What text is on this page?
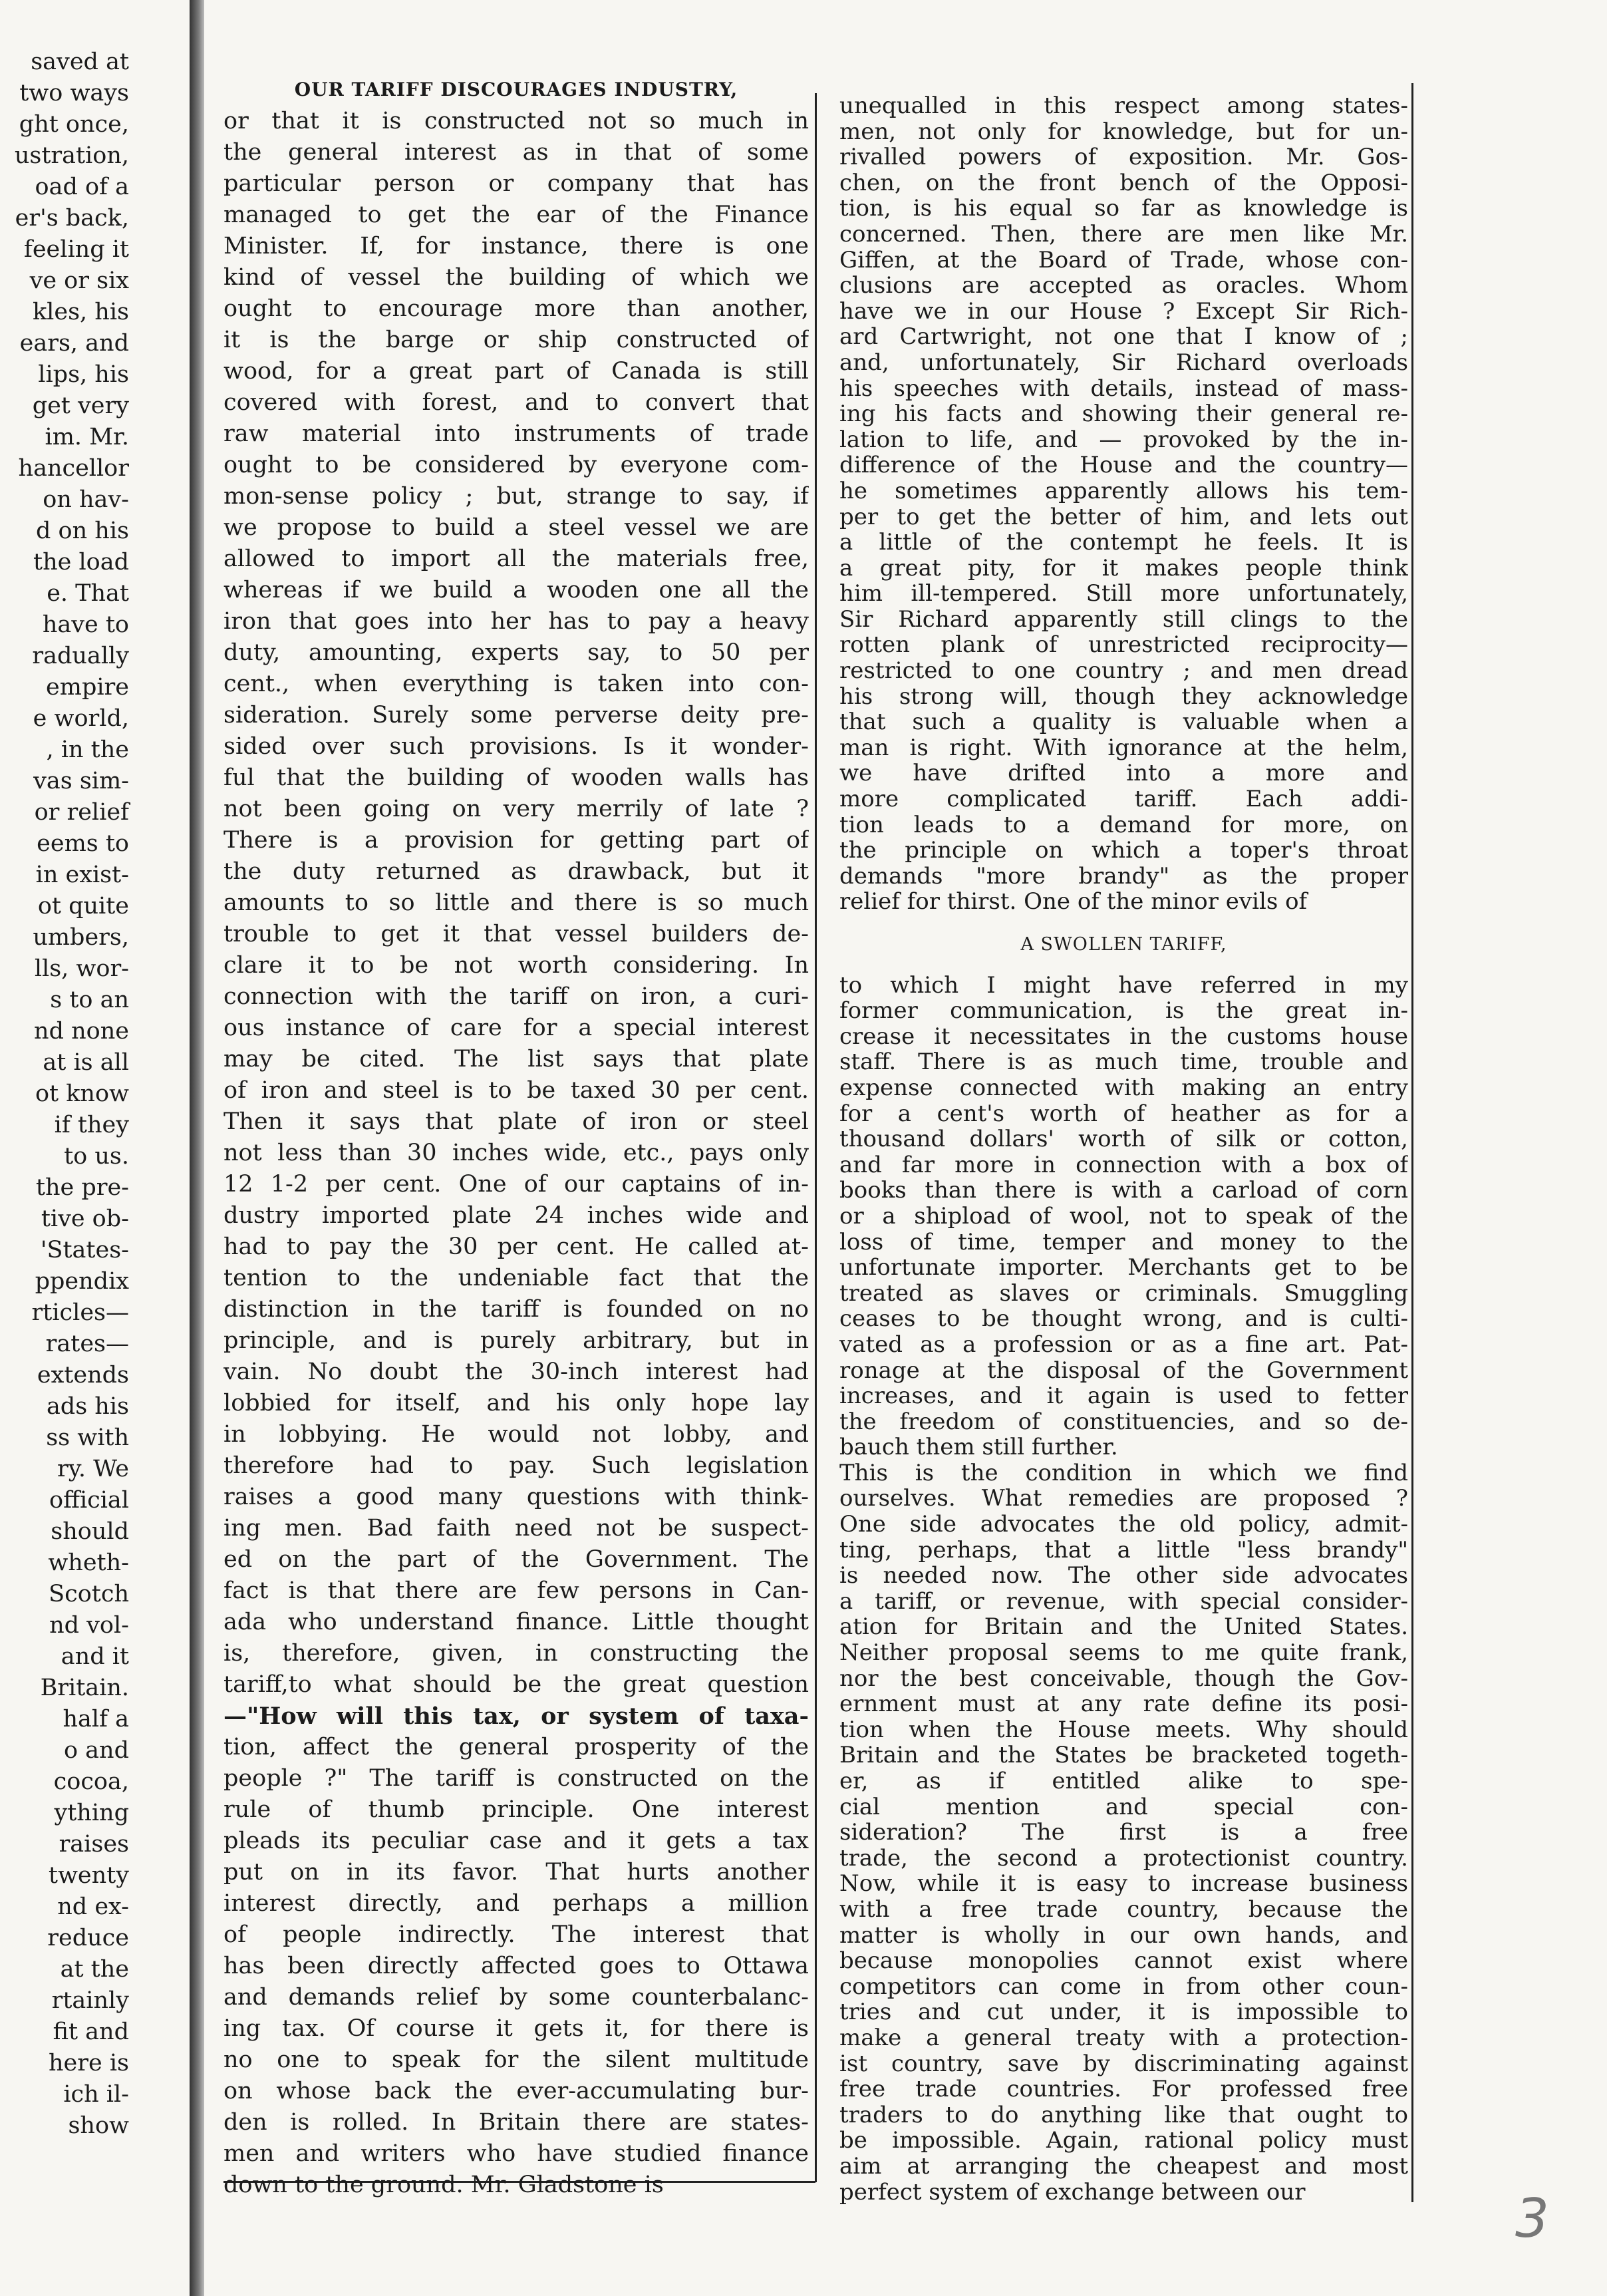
saved at
two ways
ght once,
ustration,
oad of a
er's back,
feeling it
ve or six
kles, his
ears, and
lips, his
get very
im. Mr.
hancellor
on hav-
d on his
the load
e. That
have to
radually
empire
e world,
, in the
vas sim-
or relief
eems to
in exist-
ot quite
umbers,
lls, wor-
s to an
nd none
at is all
ot know
if they
to us.
the pre-
tive ob-
'States-
ppendix
rticles—
rates—
extends
ads his
ss with
ry. We
official
should
wheth-
Scotch
nd vol-
and it
Britain.
half a
o and
cocoa,
ything
raises
twenty
nd ex-
reduce
at the
rtainly
fit and
here is
ich il-
show
OUR TARIFF DISCOURAGES INDUSTRY,
or that it is constructed not so much in
the general interest as in that of some
particular person or company that has
managed to get the ear of the Finance
Minister. If, for instance, there is one
kind of vessel the building of which we
ought to encourage more than another,
it is the barge or ship constructed of
wood, for a great part of Canada is still
covered with forest, and to convert that
raw material into instruments of trade
ought to be considered by everyone com-
mon-sense policy ; but, strange to say, if
we propose to build a steel vessel we are
allowed to import all the materials free,
whereas if we build a wooden one all the
iron that goes into her has to pay a heavy
duty, amounting, experts say, to 50 per
cent., when everything is taken into con-
sideration. Surely some perverse deity pre-
sided over such provisions. Is it wonder-
ful that the building of wooden walls has
not been going on very merrily of late ?
There is a provision for getting part of
the duty returned as drawback, but it
amounts to so little and there is so much
trouble to get it that vessel builders de-
clare it to be not worth considering. In
connection with the tariff on iron, a curi-
ous instance of care for a special interest
may be cited. The list says that plate
of iron and steel is to be taxed 30 per cent.
Then it says that plate of iron or steel
not less than 30 inches wide, etc., pays only
12 1-2 per cent. One of our captains of in-
dustry imported plate 24 inches wide and
had to pay the 30 per cent. He called at-
tention to the undeniable fact that the
distinction in the tariff is founded on no
principle, and is purely arbitrary, but in
vain. No doubt the 30-inch interest had
lobbied for itself, and his only hope lay
in lobbying. He would not lobby, and
therefore had to pay. Such legislation
raises a good many questions with think-
ing men. Bad faith need not be suspect-
ed on the part of the Government. The
fact is that there are few persons in Can-
ada who understand finance. Little thought
is, therefore, given, in constructing the
tariff,to what should be the great question
—"How will this tax, or system of taxa-
tion, affect the general prosperity of the
people ?" The tariff is constructed on the
rule of thumb principle. One interest
pleads its peculiar case and it gets a tax
put on in its favor. That hurts another
interest directly, and perhaps a million
of people indirectly. The interest that
has been directly affected goes to Ottawa
and demands relief by some counterbalanc-
ing tax. Of course it gets it, for there is
no one to speak for the silent multitude
on whose back the ever-accumulating bur-
den is rolled. In Britain there are states-
men and writers who have studied finance
down to the ground. Mr. Gladstone is
unequalled in this respect among states-
men, not only for knowledge, but for un-
rivalled powers of exposition. Mr. Gos-
chen, on the front bench of the Opposi-
tion, is his equal so far as knowledge is
concerned. Then, there are men like Mr.
Giffen, at the Board of Trade, whose con-
clusions are accepted as oracles. Whom
have we in our House ? Except Sir Rich-
ard Cartwright, not one that I know of ;
and, unfortunately, Sir Richard overloads
his speeches with details, instead of mass-
ing his facts and showing their general re-
lation to life, and — provoked by the in-
difference of the House and the country—
he sometimes apparently allows his tem-
per to get the better of him, and lets out
a little of the contempt he feels. It is
a great pity, for it makes people think
him ill-tempered. Still more unfortunately,
Sir Richard apparently still clings to the
rotten plank of unrestricted reciprocity—
restricted to one country ; and men dread
his strong will, though they acknowledge
that such a quality is valuable when a
man is right. With ignorance at the helm,
we have drifted into a more and
more complicated tariff. Each addi-
tion leads to a demand for more, on
the principle on which a toper's throat
demands "more brandy" as the proper
relief for thirst. One of the minor evils of
A SWOLLEN TARIFF,
to which I might have referred in my
former communication, is the great in-
crease it necessitates in the customs house
staff. There is as much time, trouble and
expense connected with making an entry
for a cent's worth of heather as for a
thousand dollars' worth of silk or cotton,
and far more in connection with a box of
books than there is with a carload of corn
or a shipload of wool, not to speak of the
loss of time, temper and money to the
unfortunate importer. Merchants get to be
treated as slaves or criminals. Smuggling
ceases to be thought wrong, and is culti-
vated as a profession or as a fine art. Pat-
ronage at the disposal of the Government
increases, and it again is used to fetter
the freedom of constituencies, and so de-
bauch them still further.
This is the condition in which we find
ourselves. What remedies are proposed ?
One side advocates the old policy, admit-
ting, perhaps, that a little "less brandy"
is needed now. The other side advocates
a tariff, or revenue, with special consider-
ation for Britain and the United States.
Neither proposal seems to me quite frank,
nor the best conceivable, though the Gov-
ernment must at any rate define its posi-
tion when the House meets. Why should
Britain and the States be bracketed togeth-
er, as if entitled alike to spe-
cial mention and special con-
sideration? The first is a free
trade, the second a protectionist country.
Now, while it is easy to increase business
with a free trade country, because the
matter is wholly in our own hands, and
because monopolies cannot exist where
competitors can come in from other coun-
tries and cut under, it is impossible to
make a general treaty with a protection-
ist country, save by discriminating against
free trade countries. For professed free
traders to do anything like that ought to
be impossible. Again, rational policy must
aim at arranging the cheapest and most
perfect system of exchange between our	3
